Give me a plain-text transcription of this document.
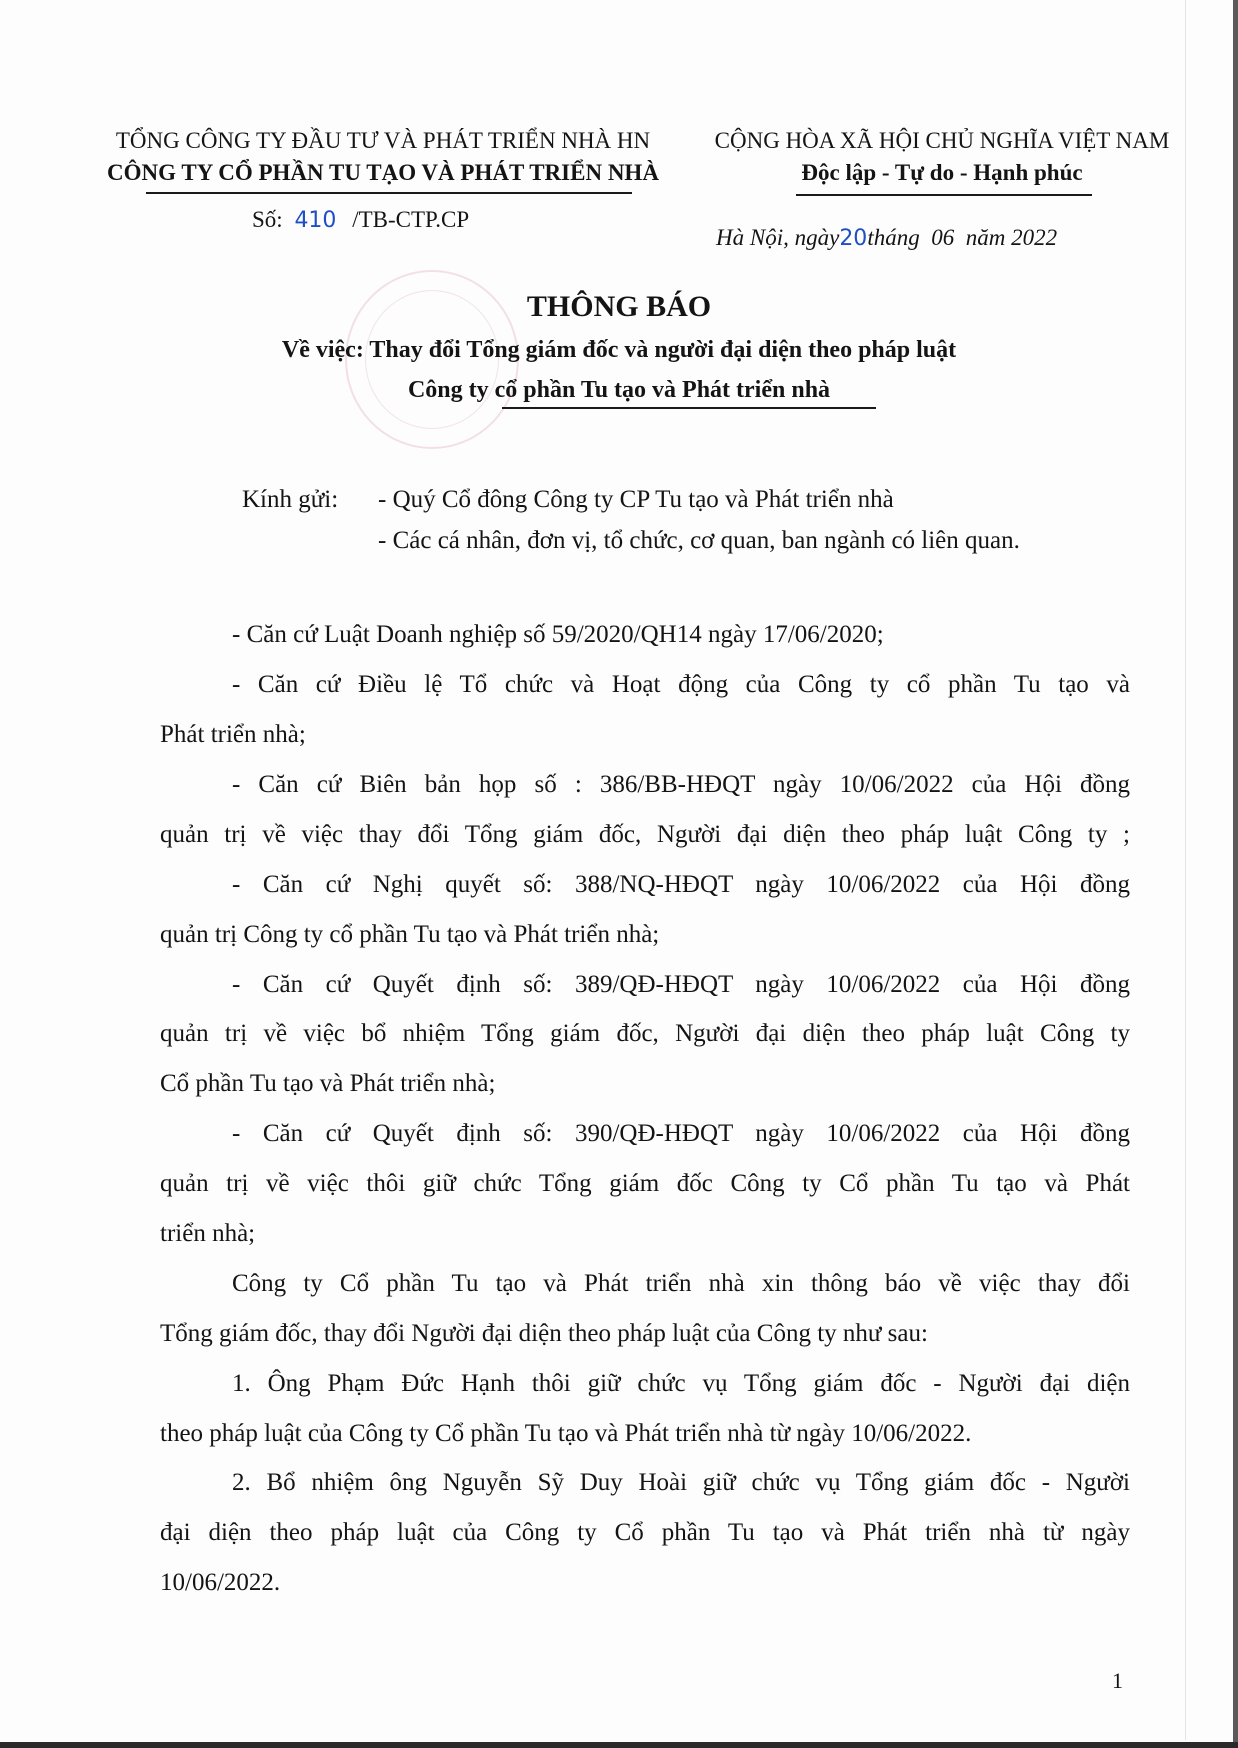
TỔNG CÔNG TY ĐẦU TƯ VÀ PHÁT TRIỂN NHÀ HN
CÔNG TY CỔ PHẦN TU TẠO VÀ PHÁT TRIỂN NHÀ
Số: 410 /TB-CTP.CP
CỘNG HÒA XÃ HỘI CHỦ NGHĨA VIỆT NAM
Độc lập - Tự do - Hạnh phúc
Hà Nội, ngày20tháng  06  năm 2022
THÔNG BÁO
Về việc: Thay đổi Tổng giám đốc và người đại diện theo pháp luật
Công ty cổ phần Tu tạo và Phát triển nhà
Kính gửi:	- Quý Cổ đông Công ty CP Tu tạo và Phát triển nhà
- Các cá nhân, đơn vị, tổ chức, cơ quan, ban ngành có liên quan.
- Căn cứ Luật Doanh nghiệp số 59/2020/QH14 ngày 17/06/2020;
- Căn cứ Điều lệ Tổ chức và Hoạt động của Công ty cổ phần Tu tạo và
Phát triển nhà;
- Căn cứ Biên bản họp số : 386/BB-HĐQT ngày 10/06/2022 của Hội đồng
quản trị về việc thay đổi Tổng giám đốc, Người đại diện theo pháp luật Công ty ;
- Căn cứ Nghị quyết số: 388/NQ-HĐQT ngày 10/06/2022 của Hội đồng
quản trị Công ty cổ phần Tu tạo và Phát triển nhà;
- Căn cứ Quyết định số: 389/QĐ-HĐQT ngày 10/06/2022 của Hội đồng
quản trị về việc bổ nhiệm Tổng giám đốc, Người đại diện theo pháp luật Công ty
Cổ phần Tu tạo và Phát triển nhà;
- Căn cứ Quyết định số: 390/QĐ-HĐQT ngày 10/06/2022 của Hội đồng
quản trị về việc thôi giữ chức Tổng giám đốc Công ty Cổ phần Tu tạo và Phát
triển nhà;
Công ty Cổ phần Tu tạo và Phát triển nhà xin thông báo về việc thay đổi
Tổng giám đốc, thay đổi Người đại diện theo pháp luật của Công ty như sau:
1. Ông Phạm Đức Hạnh thôi giữ chức vụ Tổng giám đốc - Người đại diện
theo pháp luật của Công ty Cổ phần Tu tạo và Phát triển nhà từ ngày 10/06/2022.
2. Bổ nhiệm ông Nguyễn Sỹ Duy Hoài giữ chức vụ Tổng giám đốc - Người
đại diện theo pháp luật của Công ty Cổ phần Tu tạo và Phát triển nhà từ ngày
10/06/2022.
1
